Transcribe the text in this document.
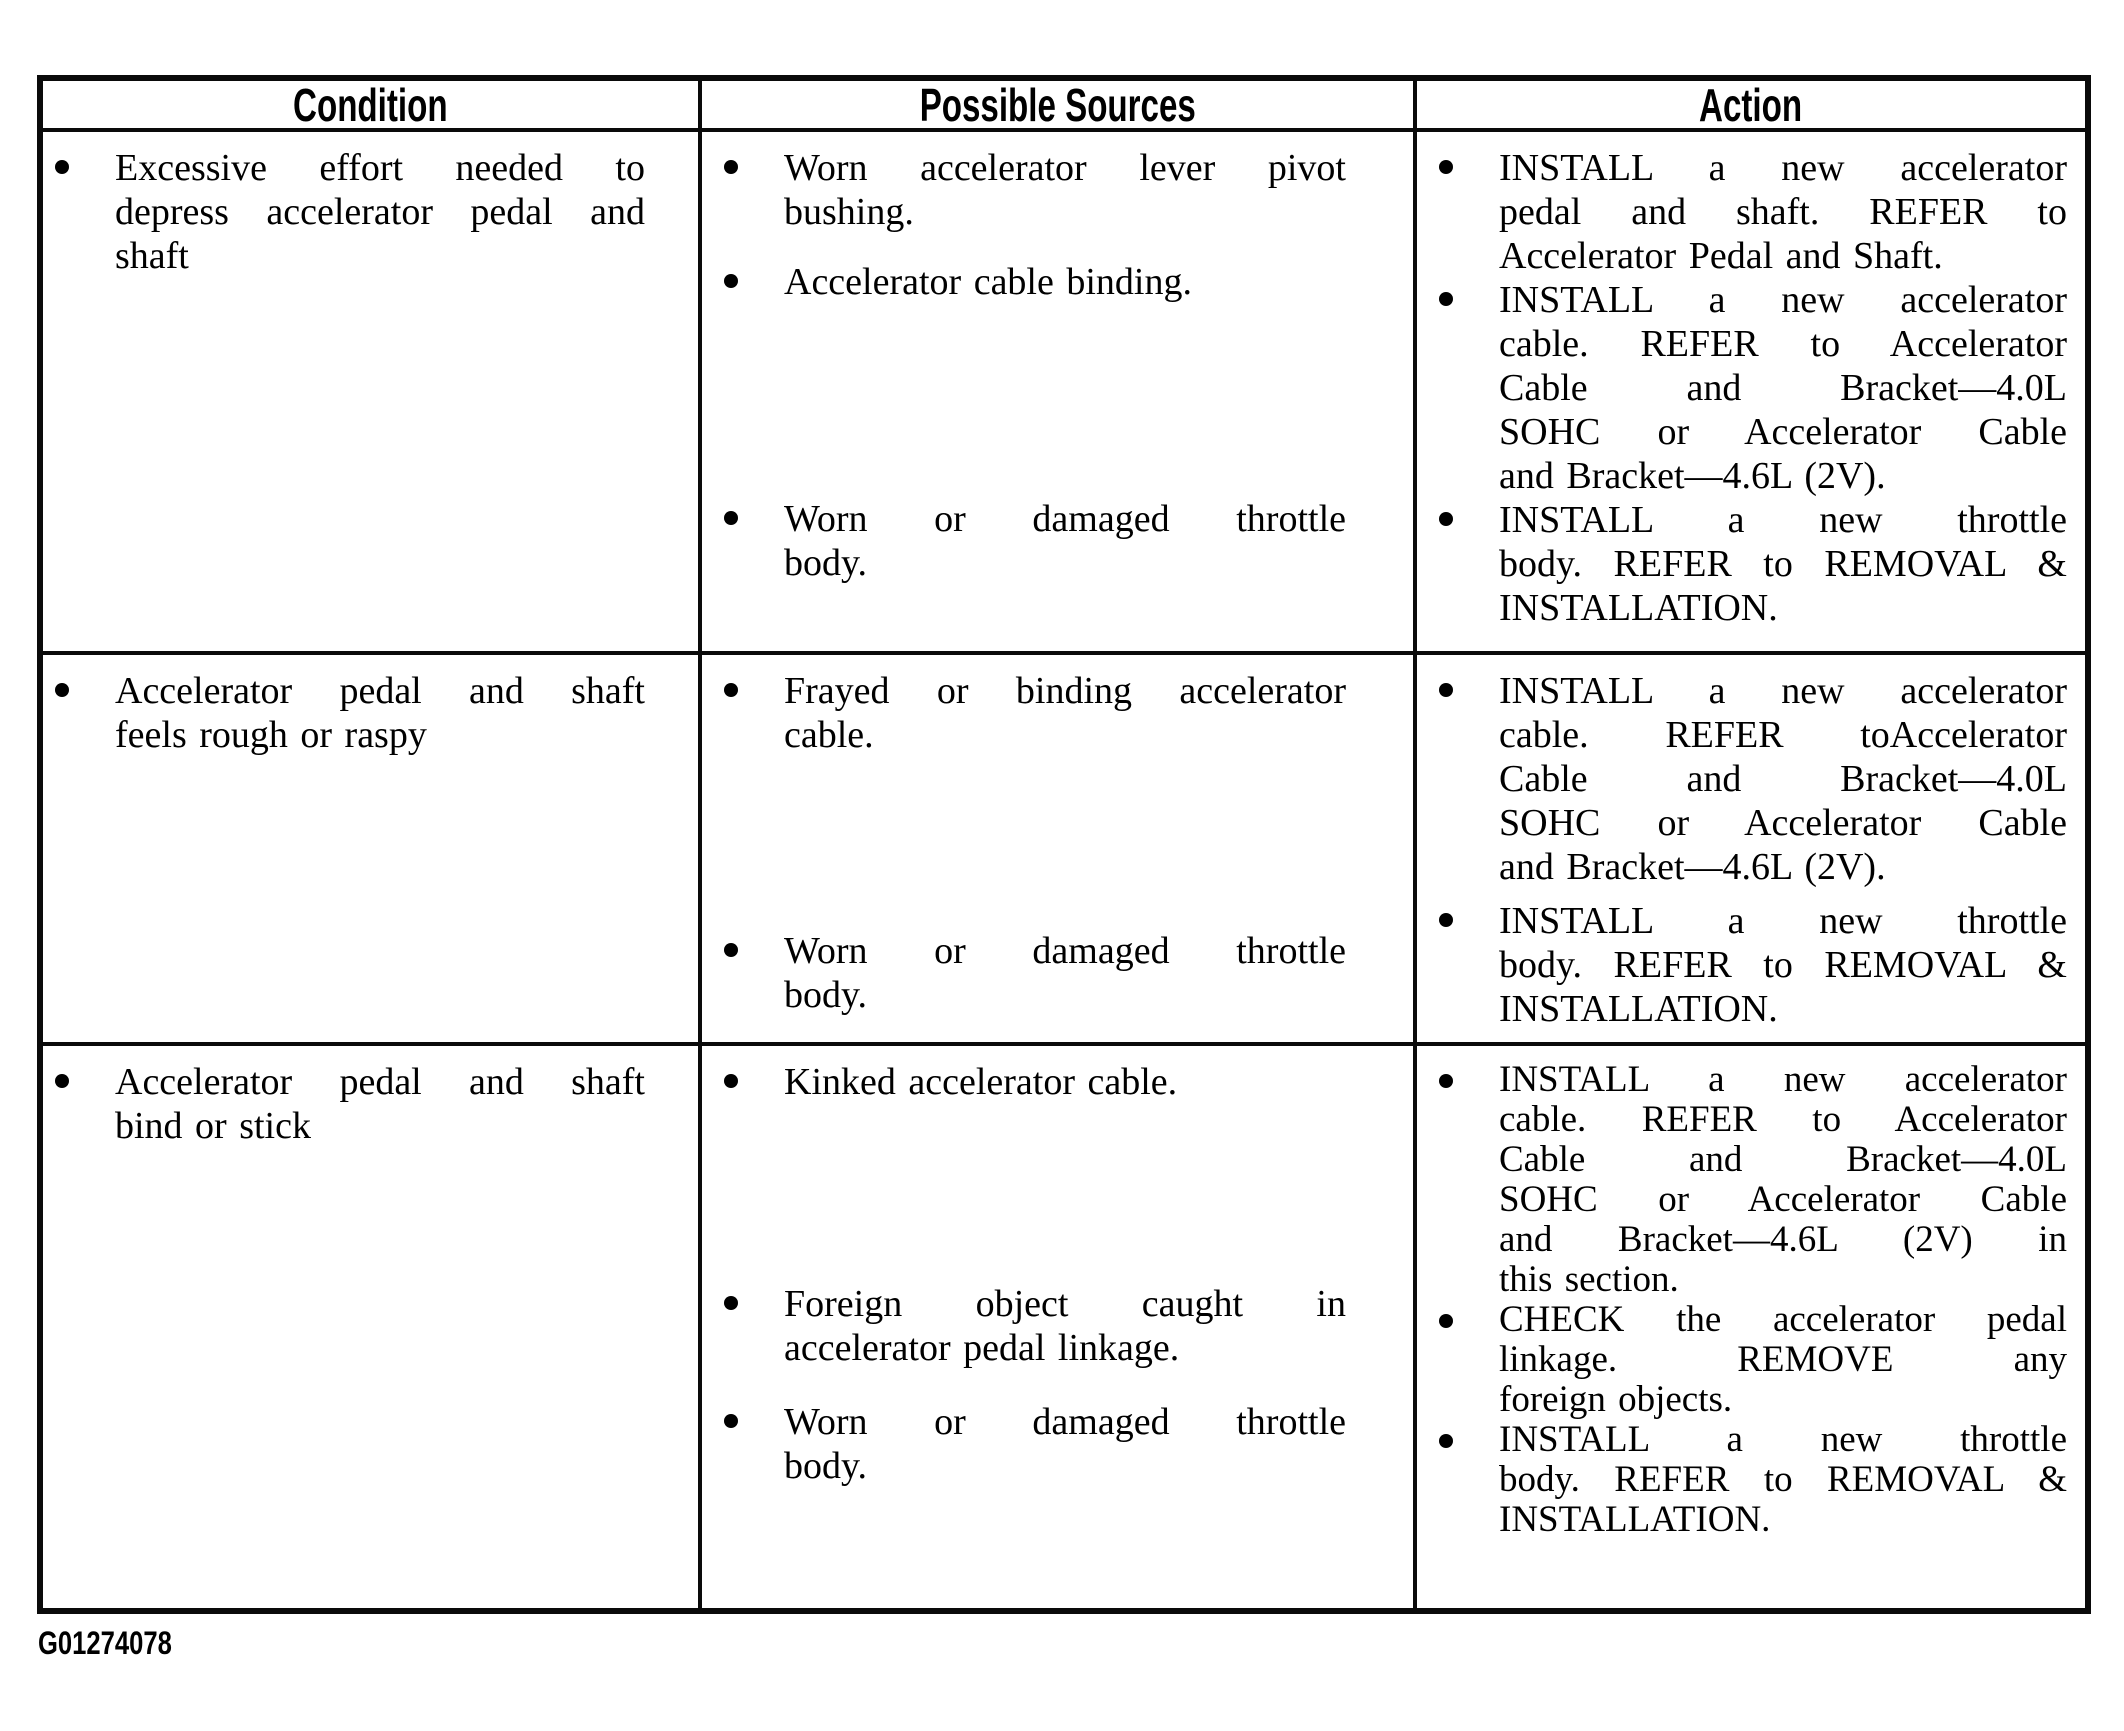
Condition	Possible Sources	Action
Excessive effort needed to
depress accelerator pedal and
shaft
Worn accelerator lever pivot
bushing.
Accelerator cable binding.
Worn or damaged throttle
body.
INSTALL a new accelerator
pedal and shaft. REFER to
Accelerator Pedal and Shaft.
INSTALL a new accelerator
cable. REFER to Accelerator
Cable and Bracket—4.0L
SOHC or Accelerator Cable
and Bracket—4.6L (2V).
INSTALL a new throttle
body. REFER to REMOVAL &
INSTALLATION.
Accelerator pedal and shaft
feels rough or raspy
Frayed or binding accelerator
cable.
Worn or damaged throttle
body.
INSTALL a new accelerator
cable. REFER toAccelerator
Cable and Bracket—4.0L
SOHC or Accelerator Cable
and Bracket—4.6L (2V).
INSTALL a new throttle
body. REFER to REMOVAL &
INSTALLATION.
Accelerator pedal and shaft
bind or stick
Kinked accelerator cable.
Foreign object caught in
accelerator pedal linkage.
Worn or damaged throttle
body.
INSTALL a new accelerator
cable. REFER to Accelerator
Cable and Bracket—4.0L
SOHC or Accelerator Cable
and Bracket—4.6L (2V) in
this section.
CHECK the accelerator pedal
linkage. REMOVE any
foreign objects.
INSTALL a new throttle
body. REFER to REMOVAL &
INSTALLATION.
G01274078
